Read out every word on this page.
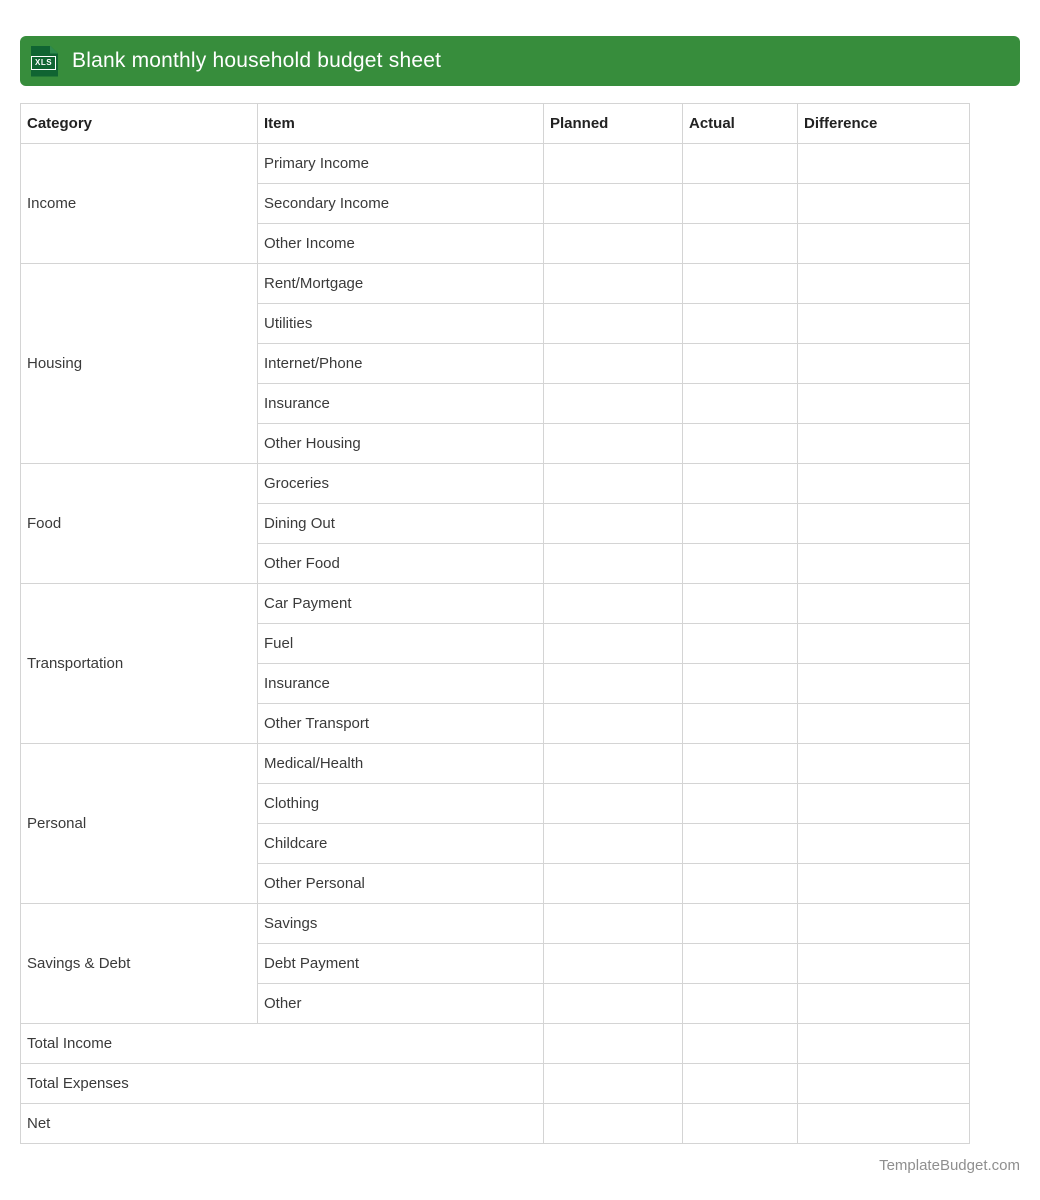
XLS Blank monthly household budget sheet
Category	Item	Planned	Actual	Difference
Income	Primary Income			
	Secondary Income			
	Other Income			
Housing	Rent/Mortgage			
	Utilities			
	Internet/Phone			
	Insurance			
	Other Housing			
Food	Groceries			
	Dining Out			
	Other Food			
Transportation	Car Payment			
	Fuel			
	Insurance			
	Other Transport			
Personal	Medical/Health			
	Clothing			
	Childcare			
	Other Personal			
Savings & Debt	Savings			
	Debt Payment			
	Other			
Total Income				
Total Expenses				
Net				
TemplateBudget.com
